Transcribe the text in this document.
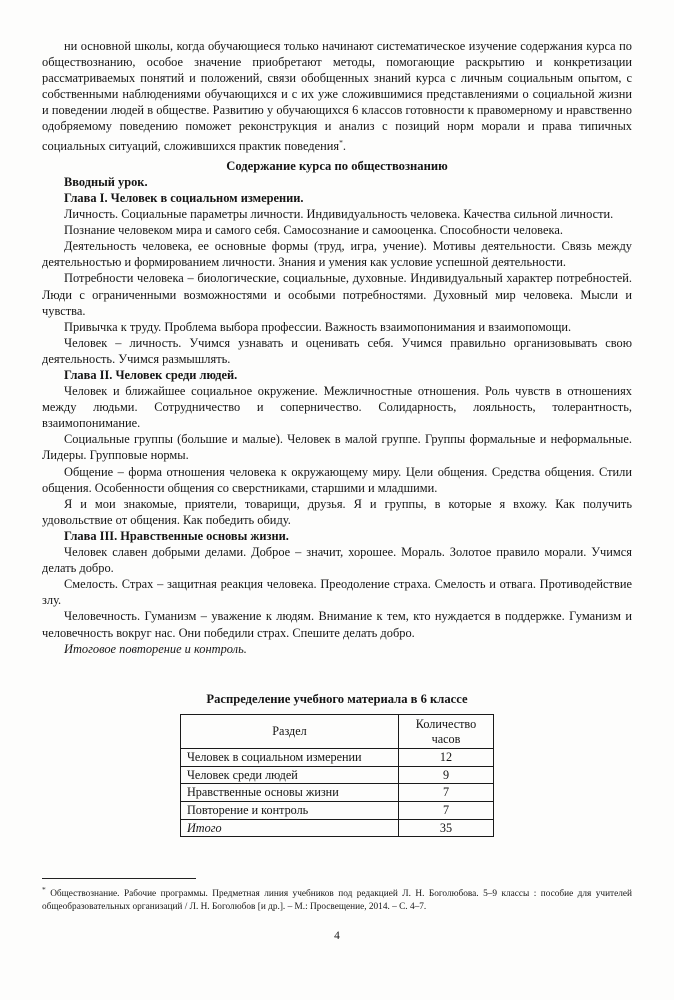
ни основной школы, когда обучающиеся только начинают систематическое изучение содержания курса по обществознанию, особое значение приобретают методы, помогающие раскрытию и конкретизации рассматриваемых понятий и положений, связи обобщенных знаний курса с личным социальным опытом, с собственными наблюдениями обучающихся и с их уже сложившимися представлениями о социальной жизни и поведении людей в обществе. Развитию у обучающихся 6 классов готовности к правомерному и нравственно одобряемому поведению поможет реконструкция и анализ с позиций норм морали и права типичных социальных ситуаций, сложившихся практик поведения*.

Содержание курса по обществознанию

Вводный урок.

Глава I. Человек в социальном измерении.

Личность. Социальные параметры личности. Индивидуальность человека. Качества сильной личности.

Познание человеком мира и самого себя. Самосознание и самооценка. Способности человека.

Деятельность человека, ее основные формы (труд, игра, учение). Мотивы деятельности. Связь между деятельностью и формированием личности. Знания и умения как условие успешной деятельности.

Потребности человека – биологические, социальные, духовные. Индивидуальный характер потребностей. Люди с ограниченными возможностями и особыми потребностями. Духовный мир человека. Мысли и чувства.

Привычка к труду. Проблема выбора профессии. Важность взаимопонимания и взаимопомощи.

Человек – личность. Учимся узнавать и оценивать себя. Учимся правильно организовывать свою деятельность. Учимся размышлять.

Глава II. Человек среди людей.

Человек и ближайшее социальное окружение. Межличностные отношения. Роль чувств в отношениях между людьми. Сотрудничество и соперничество. Солидарность, лояльность, толерантность, взаимопонимание.

Социальные группы (большие и малые). Человек в малой группе. Группы формальные и неформальные. Лидеры. Групповые нормы.

Общение – форма отношения человека к окружающему миру. Цели общения. Средства общения. Стили общения. Особенности общения со сверстниками, старшими и младшими.

Я и мои знакомые, приятели, товарищи, друзья. Я и группы, в которые я вхожу. Как получить удовольствие от общения. Как победить обиду.

Глава III. Нравственные основы жизни.

Человек славен добрыми делами. Доброе – значит, хорошее. Мораль. Золотое правило морали. Учимся делать добро.

Смелость. Страх – защитная реакция человека. Преодоление страха. Смелость и отвага. Противодействие злу.

Человечность. Гуманизм – уважение к людям. Внимание к тем, кто нуждается в поддержке. Гуманизм и человечность вокруг нас. Они победили страх. Спешите делать добро.

Итоговое повторение и контроль.

Распределение учебного материала в 6 классе
Раздел	Количество
часов
Человек в социальном измерении	12
Человек среди людей	9
Нравственные основы жизни	7
Повторение и контроль	7
Итого	35

* Обществознание. Рабочие программы. Предметная линия учебников под редакцией Л. Н. Боголюбова. 5–9 классы : пособие для учителей общеобразовательных организаций / Л. Н. Боголюбов [и др.]. – М.: Просвещение, 2014. – С. 4–7.

4
